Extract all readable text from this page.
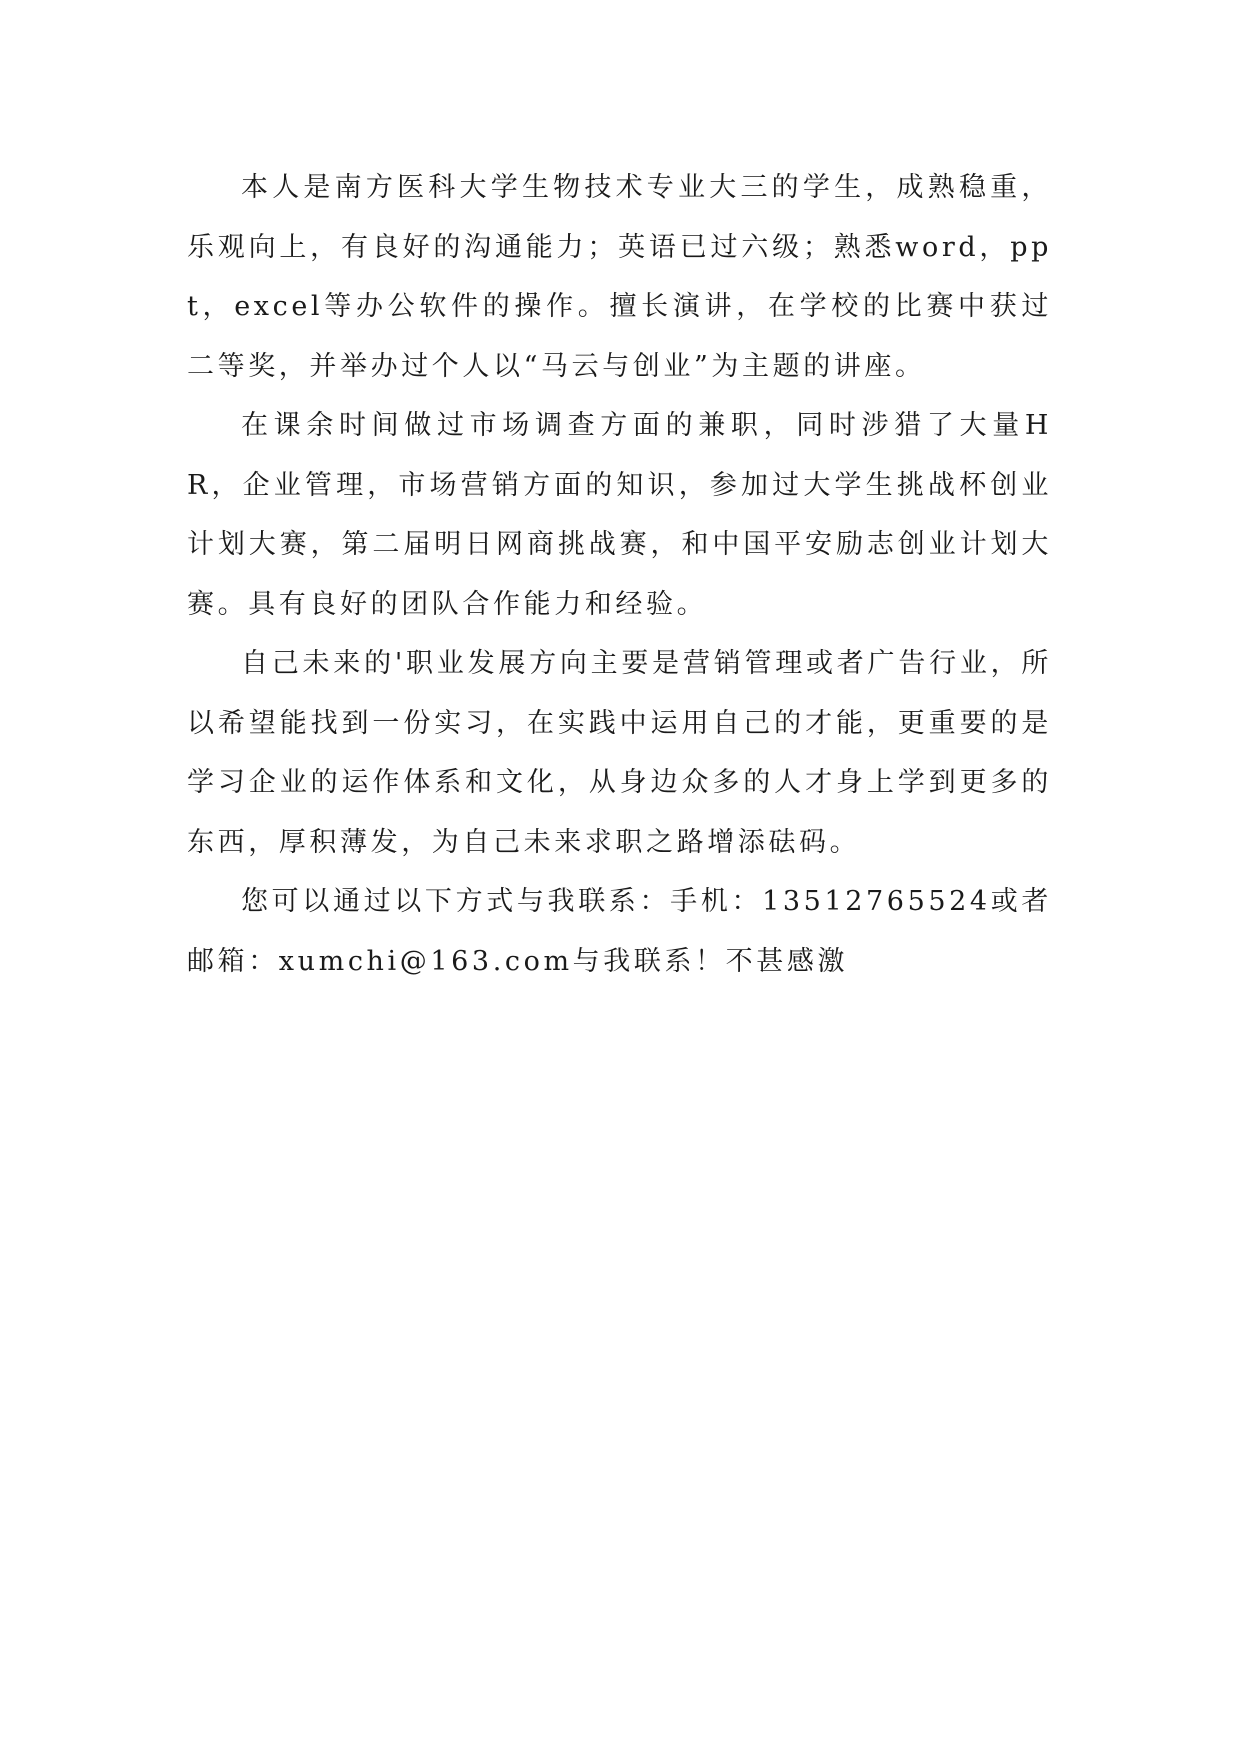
本人是南方医科大学生物技术专业大三的学生，成熟稳重，乐观向上，有良好的沟通能力；英语已过六级；熟悉word，ppt，excel等办公软件的操作。擅长演讲，在学校的比赛中获过二等奖，并举办过个人以“马云与创业”为主题的讲座。

在课余时间做过市场调查方面的兼职，同时涉猎了大量HR，企业管理，市场营销方面的知识，参加过大学生挑战杯创业计划大赛，第二届明日网商挑战赛，和中国平安励志创业计划大赛。具有良好的团队合作能力和经验。

自己未来的'职业发展方向主要是营销管理或者广告行业，所以希望能找到一份实习，在实践中运用自己的才能，更重要的是学习企业的运作体系和文化，从身边众多的人才身上学到更多的东西，厚积薄发，为自己未来求职之路增添砝码。

您可以通过以下方式与我联系：手机：13512765524或者邮箱：xumchi@163.com与我联系！不甚感激
